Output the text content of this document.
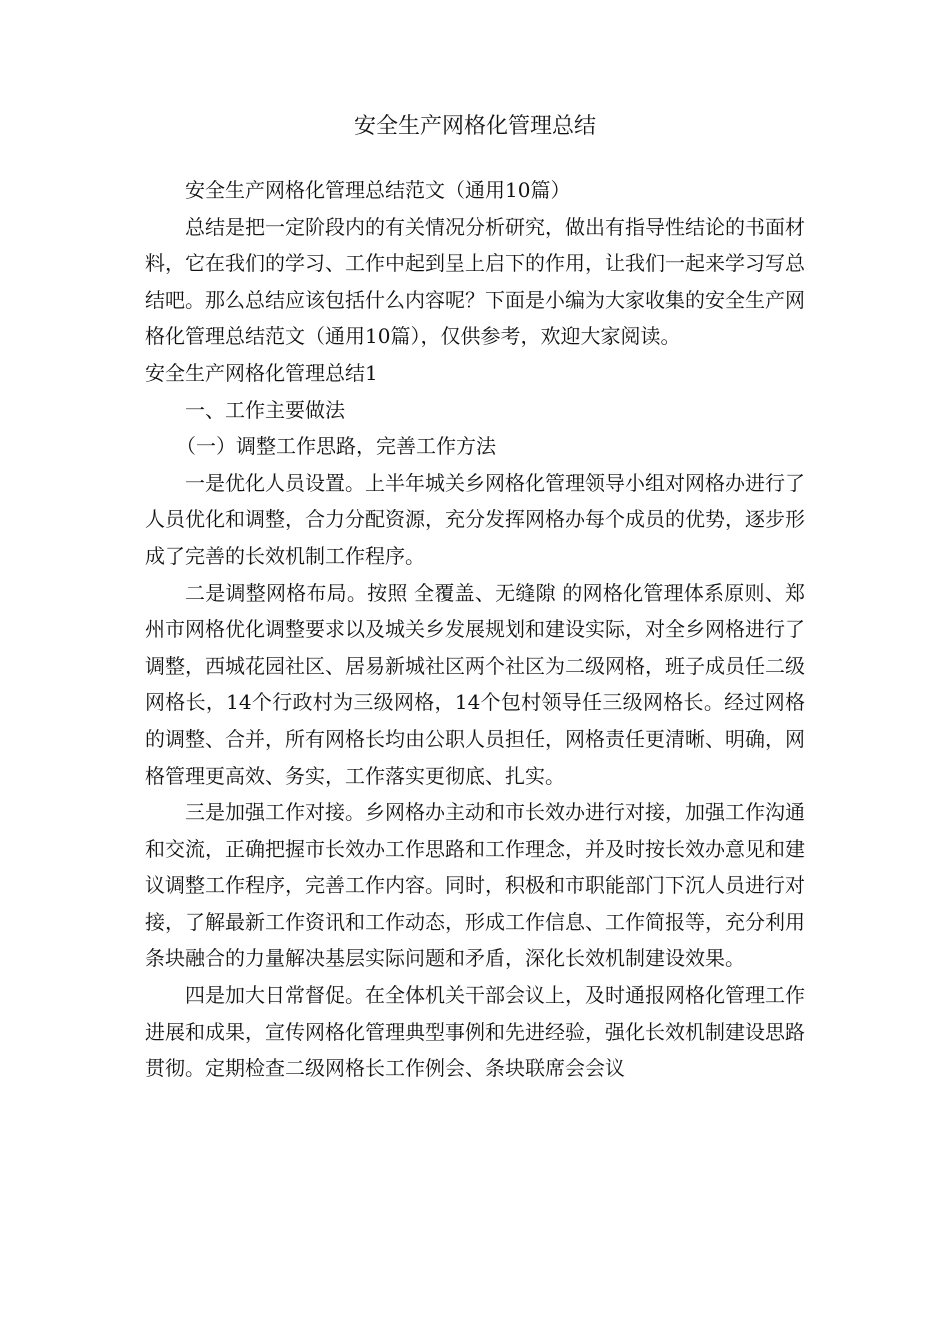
安全生产网格化管理总结

安全生产网格化管理总结范文（通用10篇）

总结是把一定阶段内的有关情况分析研究，做出有指导性结论的书面材料，它在我们的学习、工作中起到呈上启下的作用，让我们一起来学习写总结吧。那么总结应该包括什么内容呢？下面是小编为大家收集的安全生产网格化管理总结范文（通用10篇），仅供参考，欢迎大家阅读。

安全生产网格化管理总结1

一、工作主要做法

（一）调整工作思路，完善工作方法

一是优化人员设置。上半年城关乡网格化管理领导小组对网格办进行了人员优化和调整，合力分配资源，充分发挥网格办每个成员的优势，逐步形成了完善的长效机制工作程序。

二是调整网格布局。按照 全覆盖、无缝隙 的网格化管理体系原则、郑州市网格优化调整要求以及城关乡发展规划和建设实际，对全乡网格进行了调整，西城花园社区、居易新城社区两个社区为二级网格，班子成员任二级网格长，14个行政村为三级网格，14个包村领导任三级网格长。经过网格的调整、合并，所有网格长均由公职人员担任，网格责任更清晰、明确，网格管理更高效、务实，工作落实更彻底、扎实。

三是加强工作对接。乡网格办主动和市长效办进行对接，加强工作沟通和交流，正确把握市长效办工作思路和工作理念，并及时按长效办意见和建议调整工作程序，完善工作内容。同时，积极和市职能部门下沉人员进行对接，了解最新工作资讯和工作动态，形成工作信息、工作简报等，充分利用条块融合的力量解决基层实际问题和矛盾，深化长效机制建设效果。

四是加大日常督促。在全体机关干部会议上，及时通报网格化管理工作进展和成果，宣传网格化管理典型事例和先进经验，强化长效机制建设思路贯彻。定期检查二级网格长工作例会、条块联席会会议
